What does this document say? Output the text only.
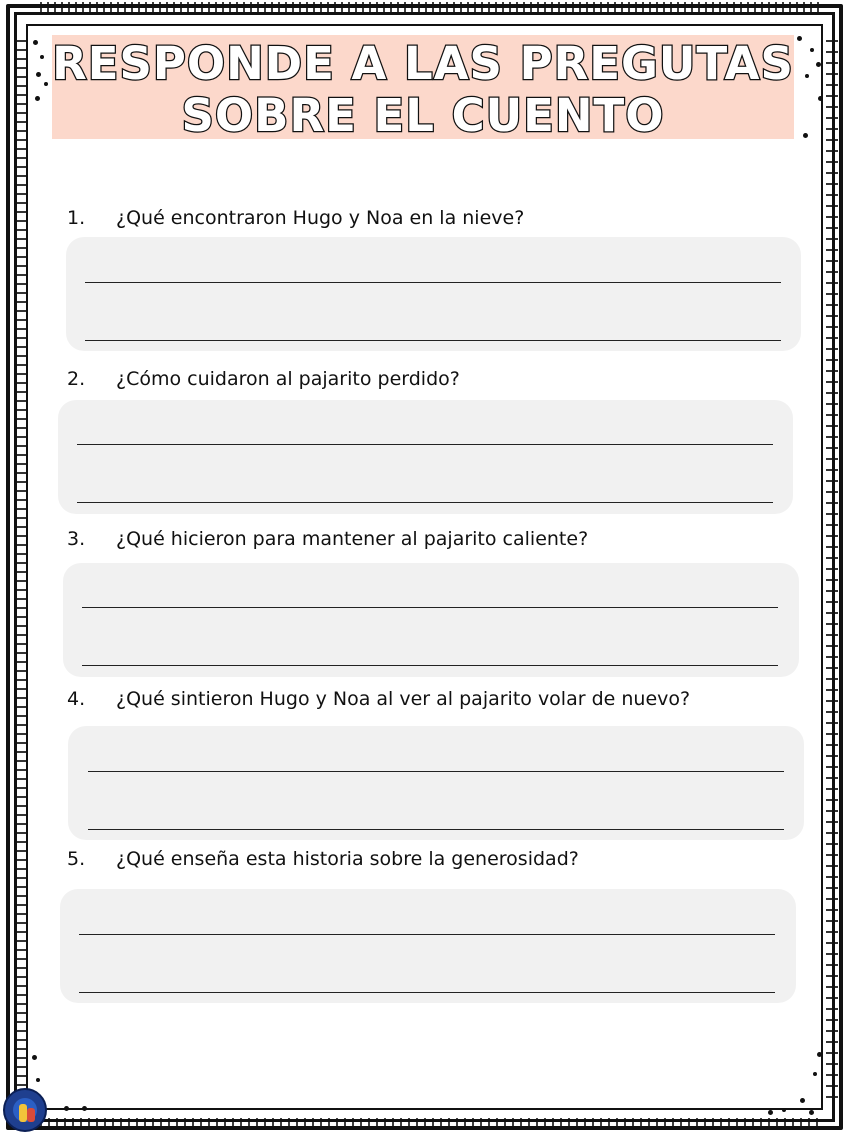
RESPONDE A LAS PREGUTAS
SOBRE EL CUENTO
1. ¿Qué encontraron Hugo y Noa en la nieve?
2. ¿Cómo cuidaron al pajarito perdido?
3. ¿Qué hicieron para mantener al pajarito caliente?
4. ¿Qué sintieron Hugo y Noa al ver al pajarito volar de nuevo?
5. ¿Qué enseña esta historia sobre la generosidad?
